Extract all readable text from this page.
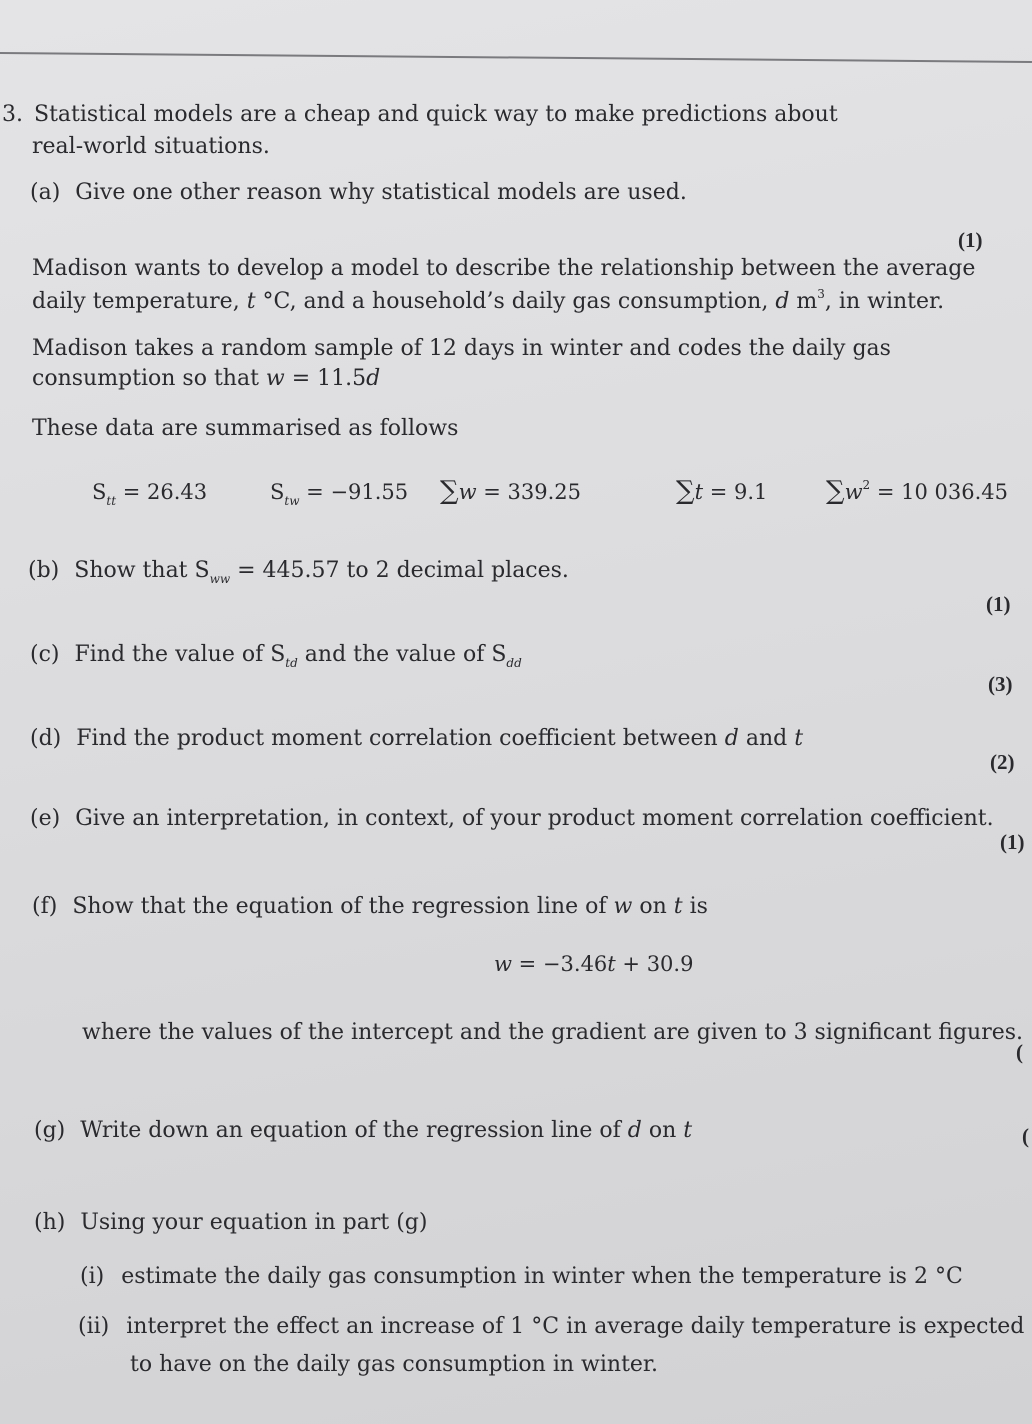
3. Statistical models are a cheap and quick way to make predictions about
real-world situations.
(a) Give one other reason why statistical models are used.
(1)
Madison wants to develop a model to describe the relationship between the average
daily temperature, t °C, and a household’s daily gas consumption, d $m^3$, in winter.
Madison takes a random sample of 12 days in winter and codes the daily gas
consumption so that w = 11.5d
These data are summarised as follows
$S_{tt} = 26.43$	$S_{tw} = -91.55$ ∑w = 339.25	∑t = 9.1 $\sum w^2 = 10$ 036.45
(b) Show that $S_{ww} = 445.57$ to 2 decimal places.
(1)
(c) Find the value of $S_{td}$ and the value of $S_{dd}$
(3)
(d) Find the product moment correlation coefficient between d and t
(2)
(e) Give an interpretation, in context, of your product moment correlation coefficient.
(1)
(f) Show that the equation of the regression line of w on t is
w = −3.46t + 30.9
where the values of the intercept and the gradient are given to 3 significant figures.
(
(g) Write down an equation of the regression line of d on t	(
(h) Using your equation in part (g)
(i) estimate the daily gas consumption in winter when the temperature is 2 °C
(ii) interpret the effect an increase of 1 °C in average daily temperature is expected
to have on the daily gas consumption in winter.
